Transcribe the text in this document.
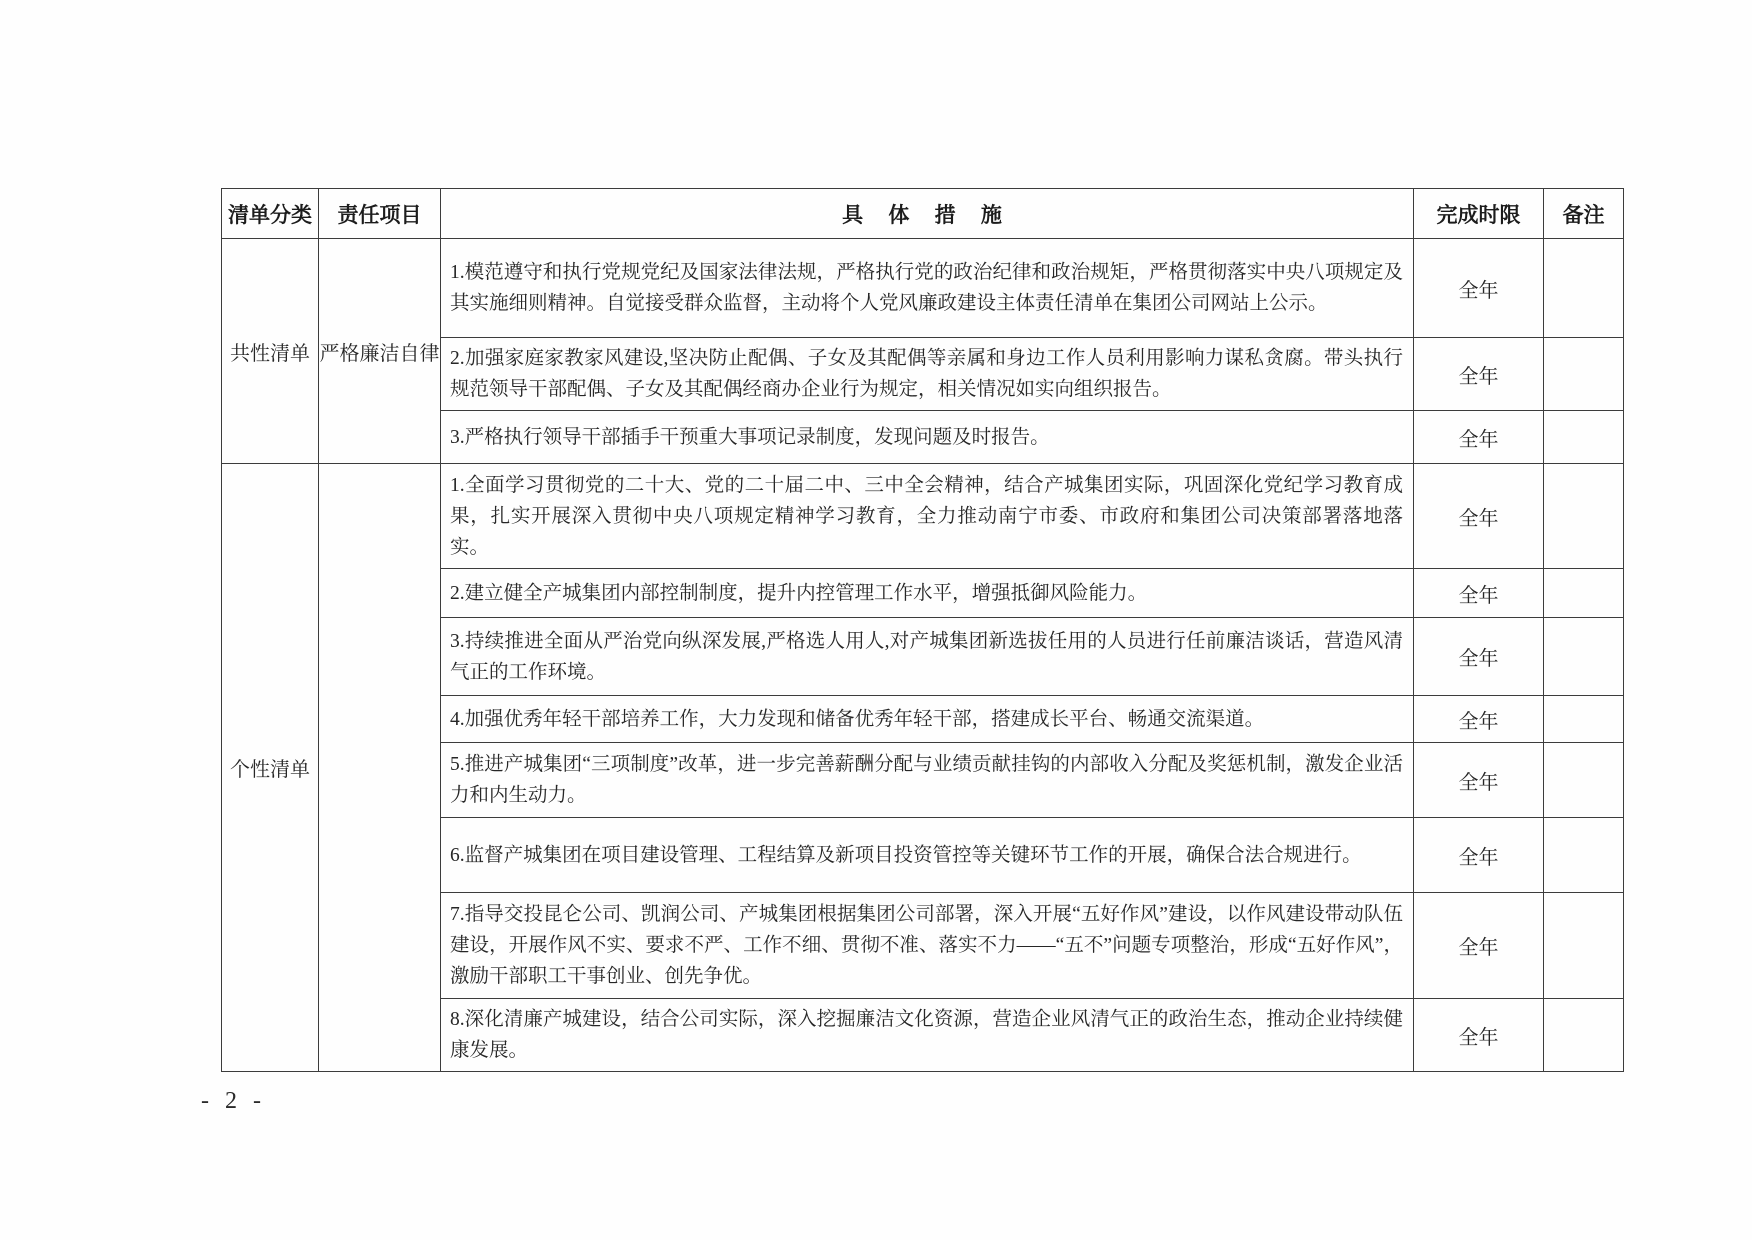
清单分类	责任项目	具 体 措 施	完成时限	备注
共性清单	严格廉洁自律	1.模范遵守和执行党规党纪及国家法律法规，严格执行党的政治纪律和政治规矩，严格贯彻落实中央八项规定及其实施细则精神。自觉接受群众监督，主动将个人党风廉政建设主体责任清单在集团公司网站上公示。	全年	
		2.加强家庭家教家风建设,坚决防止配偶、子女及其配偶等亲属和身边工作人员利用影响力谋私贪腐。带头执行规范领导干部配偶、子女及其配偶经商办企业行为规定，相关情况如实向组织报告。	全年	
		3.严格执行领导干部插手干预重大事项记录制度，发现问题及时报告。	全年	
个性清单		1.全面学习贯彻党的二十大、党的二十届二中、三中全会精神，结合产城集团实际，巩固深化党纪学习教育成果，扎实开展深入贯彻中央八项规定精神学习教育，全力推动南宁市委、市政府和集团公司决策部署落地落实。	全年	
		2.建立健全产城集团内部控制制度，提升内控管理工作水平，增强抵御风险能力。	全年	
		3.持续推进全面从严治党向纵深发展,严格选人用人,对产城集团新选拔任用的人员进行任前廉洁谈话，营造风清气正的工作环境。	全年	
		4.加强优秀年轻干部培养工作，大力发现和储备优秀年轻干部，搭建成长平台、畅通交流渠道。	全年	
		5.推进产城集团“三项制度”改革，进一步完善薪酬分配与业绩贡献挂钩的内部收入分配及奖惩机制，激发企业活力和内生动力。	全年	
		6.监督产城集团在项目建设管理、工程结算及新项目投资管控等关键环节工作的开展，确保合法合规进行。	全年	
		7.指导交投昆仑公司、凯润公司、产城集团根据集团公司部署，深入开展“五好作风”建设，以作风建设带动队伍建设，开展作风不实、要求不严、工作不细、贯彻不准、落实不力——“五不”问题专项整治，形成“五好作风”，激励干部职工干事创业、创先争优。	全年	
		8.深化清廉产城建设，结合公司实际，深入挖掘廉洁文化资源，营造企业风清气正的政治生态，推动企业持续健康发展。	全年	
- 2 -
